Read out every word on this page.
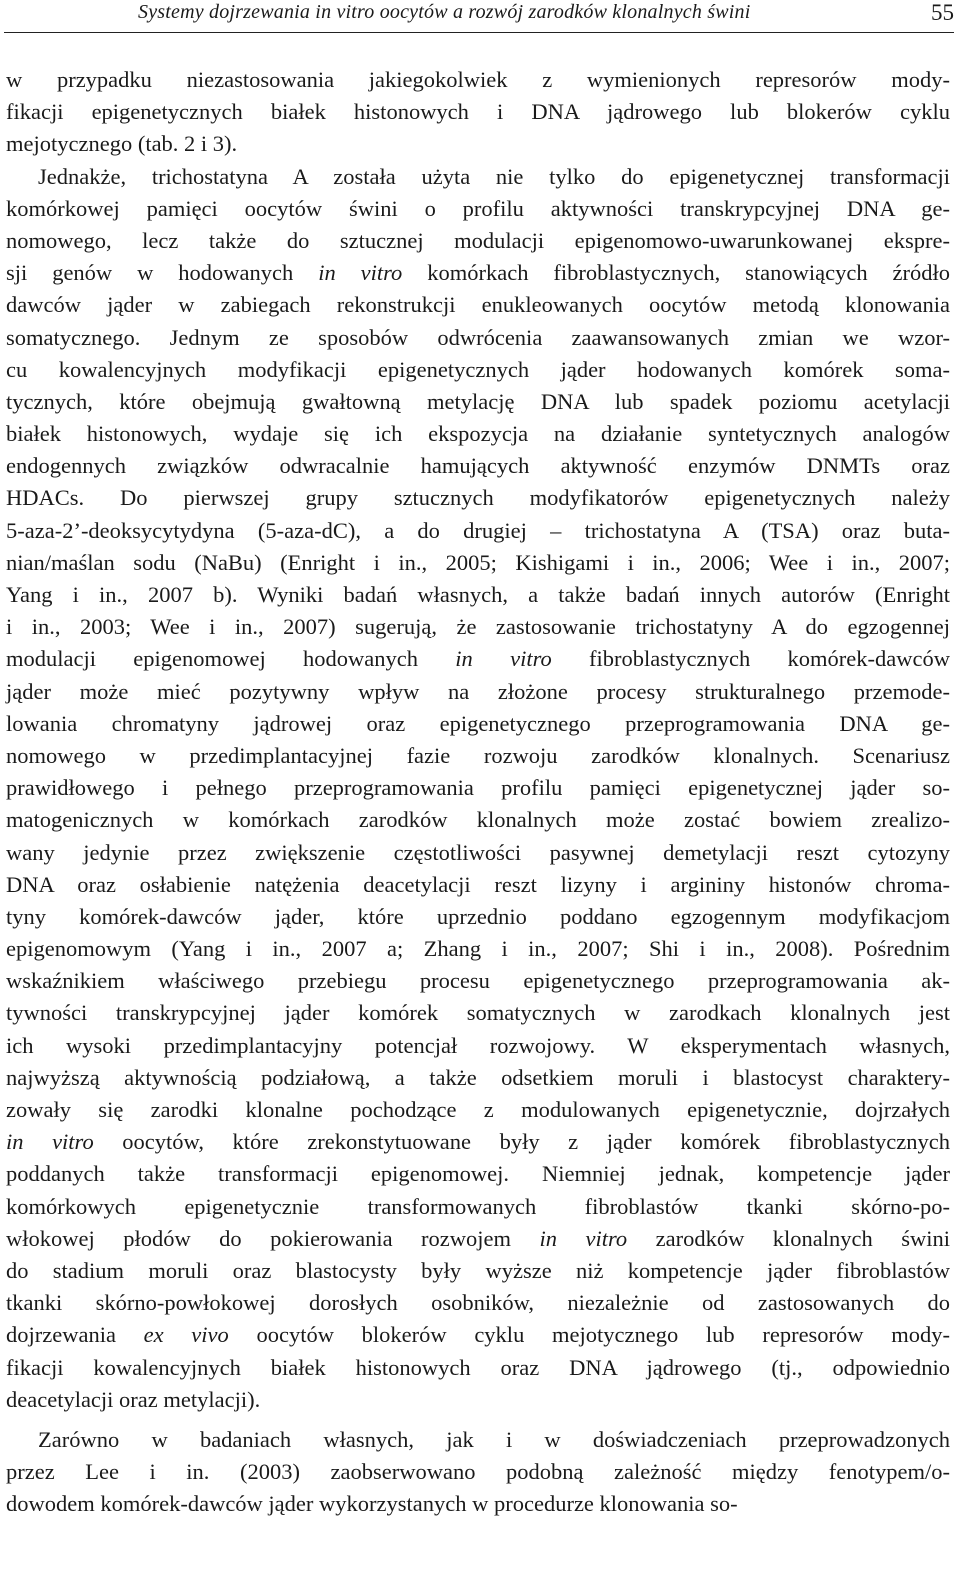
Systemy dojrzewania in vitro oocytów a rozwój zarodków klonalnych świni	55
w przypadku niezastosowania jakiegokolwiek z wymienionych represorów mody-
fikacji epigenetycznych białek histonowych i DNA jądrowego lub blokerów cyklu
mejotycznego (tab. 2 i 3).
Jednakże, trichostatyna A została użyta nie tylko do epigenetycznej transformacji
komórkowej pamięci oocytów świni o profilu aktywności transkrypcyjnej DNA ge-
nomowego, lecz także do sztucznej modulacji epigenomowo-uwarunkowanej ekspre-
sji genów w hodowanych in vitro komórkach fibroblastycznych, stanowiących źródło
dawców jąder w zabiegach rekonstrukcji enukleowanych oocytów metodą klonowania
somatycznego. Jednym ze sposobów odwrócenia zaawansowanych zmian we wzor-
cu kowalencyjnych modyfikacji epigenetycznych jąder hodowanych komórek soma-
tycznych, które obejmują gwałtowną metylację DNA lub spadek poziomu acetylacji
białek histonowych, wydaje się ich ekspozycja na działanie syntetycznych analogów
endogennych związków odwracalnie hamujących aktywność enzymów DNMTs oraz
HDACs. Do pierwszej grupy sztucznych modyfikatorów epigenetycznych należy
5-aza-2’-deoksycytydyna (5-aza-dC), a do drugiej – trichostatyna A (TSA) oraz buta-
nian/maślan sodu (NaBu) (Enright i in., 2005; Kishigami i in., 2006; Wee i in., 2007;
Yang i in., 2007 b). Wyniki badań własnych, a także badań innych autorów (Enright
i in., 2003; Wee i in., 2007) sugerują, że zastosowanie trichostatyny A do egzogennej
modulacji epigenomowej hodowanych in vitro fibroblastycznych komórek-dawców
jąder może mieć pozytywny wpływ na złożone procesy strukturalnego przemode-
lowania chromatyny jądrowej oraz epigenetycznego przeprogramowania DNA ge-
nomowego w przedimplantacyjnej fazie rozwoju zarodków klonalnych. Scenariusz
prawidłowego i pełnego przeprogramowania profilu pamięci epigenetycznej jąder so-
matogenicznych w komórkach zarodków klonalnych może zostać bowiem zrealizo-
wany jedynie przez zwiększenie częstotliwości pasywnej demetylacji reszt cytozyny
DNA oraz osłabienie natężenia deacetylacji reszt lizyny i argininy histonów chroma-
tyny komórek-dawców jąder, które uprzednio poddano egzogennym modyfikacjom
epigenomowym (Yang i in., 2007 a; Zhang i in., 2007; Shi i in., 2008). Pośrednim
wskaźnikiem właściwego przebiegu procesu epigenetycznego przeprogramowania ak-
tywności transkrypcyjnej jąder komórek somatycznych w zarodkach klonalnych jest
ich wysoki przedimplantacyjny potencjał rozwojowy. W eksperymentach własnych,
najwyższą aktywnością podziałową, a także odsetkiem moruli i blastocyst charaktery-
zowały się zarodki klonalne pochodzące z modulowanych epigenetycznie, dojrzałych
in vitro oocytów, które zrekonstytuowane były z jąder komórek fibroblastycznych
poddanych także transformacji epigenomowej. Niemniej jednak, kompetencje jąder
komórkowych epigenetycznie transformowanych fibroblastów tkanki skórno-po-
włokowej płodów do pokierowania rozwojem in vitro zarodków klonalnych świni
do stadium moruli oraz blastocysty były wyższe niż kompetencje jąder fibroblastów
tkanki skórno-powłokowej dorosłych osobników, niezależnie od zastosowanych do
dojrzewania ex vivo oocytów blokerów cyklu mejotycznego lub represorów mody-
fikacji kowalencyjnych białek histonowych oraz DNA jądrowego (tj., odpowiednio
deacetylacji oraz metylacji).
Zarówno w badaniach własnych, jak i w doświadczeniach przeprowadzonych
przez Lee i in. (2003) zaobserwowano podobną zależność między fenotypem/o-
dowodem komórek-dawców jąder wykorzystanych w procedurze klonowania so-
